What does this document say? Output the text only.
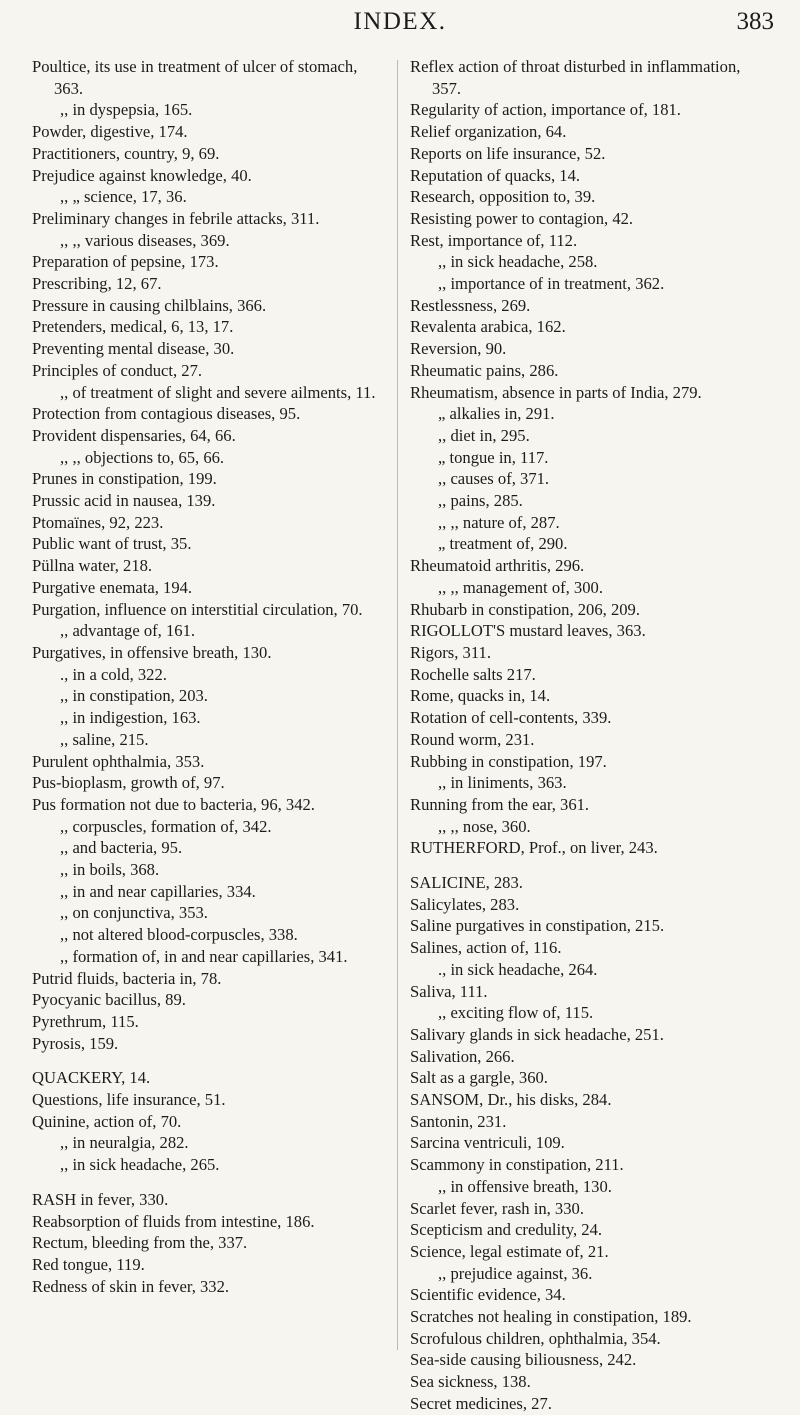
INDEX.	383
Poultice, its use in treatment of ulcer of stomach, 363.
,, in dyspepsia, 165.
Powder, digestive, 174.
Practitioners, country, 9, 69.
Prejudice against knowledge, 40.
,, „ science, 17, 36.
Preliminary changes in febrile attacks, 311.
,, ,, various diseases, 369.
Preparation of pepsine, 173.
Prescribing, 12, 67.
Pressure in causing chilblains, 366.
Pretenders, medical, 6, 13, 17.
Preventing mental disease, 30.
Principles of conduct, 27.
,, of treatment of slight and severe ailments, 11.
Protection from contagious diseases, 95.
Provident dispensaries, 64, 66.
,, ,, objections to, 65, 66.
Prunes in constipation, 199.
Prussic acid in nausea, 139.
Ptomaïnes, 92, 223.
Public want of trust, 35.
Püllna water, 218.
Purgative enemata, 194.
Purgation, influence on interstitial circulation, 70.
,, advantage of, 161.
Purgatives, in offensive breath, 130.
., in a cold, 322.
,, in constipation, 203.
,, in indigestion, 163.
,, saline, 215.
Purulent ophthalmia, 353.
Pus-bioplasm, growth of, 97.
Pus formation not due to bacteria, 96, 342.
,, corpuscles, formation of, 342.
,, and bacteria, 95.
,, in boils, 368.
,, in and near capillaries, 334.
,, on conjunctiva, 353.
,, not altered blood-corpuscles, 338.
,, formation of, in and near capillaries, 341.
Putrid fluids, bacteria in, 78.
Pyocyanic bacillus, 89.
Pyrethrum, 115.
Pyrosis, 159.
QUACKERY, 14.
Questions, life insurance, 51.
Quinine, action of, 70.
,, in neuralgia, 282.
,, in sick headache, 265.
RASH in fever, 330.
Reabsorption of fluids from intestine, 186.
Rectum, bleeding from the, 337.
Red tongue, 119.
Redness of skin in fever, 332.
Reflex action of throat disturbed in inflammation, 357.
Regularity of action, importance of, 181.
Relief organization, 64.
Reports on life insurance, 52.
Reputation of quacks, 14.
Research, opposition to, 39.
Resisting power to contagion, 42.
Rest, importance of, 112.
,, in sick headache, 258.
,, importance of in treatment, 362.
Restlessness, 269.
Revalenta arabica, 162.
Reversion, 90.
Rheumatic pains, 286.
Rheumatism, absence in parts of India, 279.
„ alkalies in, 291.
,, diet in, 295.
„ tongue in, 117.
,, causes of, 371.
,, pains, 285.
,, ,, nature of, 287.
„ treatment of, 290.
Rheumatoid arthritis, 296.
,, ,, management of, 300.
Rhubarb in constipation, 206, 209.
RIGOLLOT'S mustard leaves, 363.
Rigors, 311.
Rochelle salts 217.
Rome, quacks in, 14.
Rotation of cell-contents, 339.
Round worm, 231.
Rubbing in constipation, 197.
,, in liniments, 363.
Running from the ear, 361.
,, ,, nose, 360.
RUTHERFORD, Prof., on liver, 243.
SALICINE, 283.
Salicylates, 283.
Saline purgatives in constipation, 215.
Salines, action of, 116.
., in sick headache, 264.
Saliva, 111.
,, exciting flow of, 115.
Salivary glands in sick headache, 251.
Salivation, 266.
Salt as a gargle, 360.
SANSOM, Dr., his disks, 284.
Santonin, 231.
Sarcina ventriculi, 109.
Scammony in constipation, 211.
,, in offensive breath, 130.
Scarlet fever, rash in, 330.
Scepticism and credulity, 24.
Science, legal estimate of, 21.
,, prejudice against, 36.
Scientific evidence, 34.
Scratches not healing in constipation, 189.
Scrofulous children, ophthalmia, 354.
Sea-side causing biliousness, 242.
Sea sickness, 138.
Secret medicines, 27.
